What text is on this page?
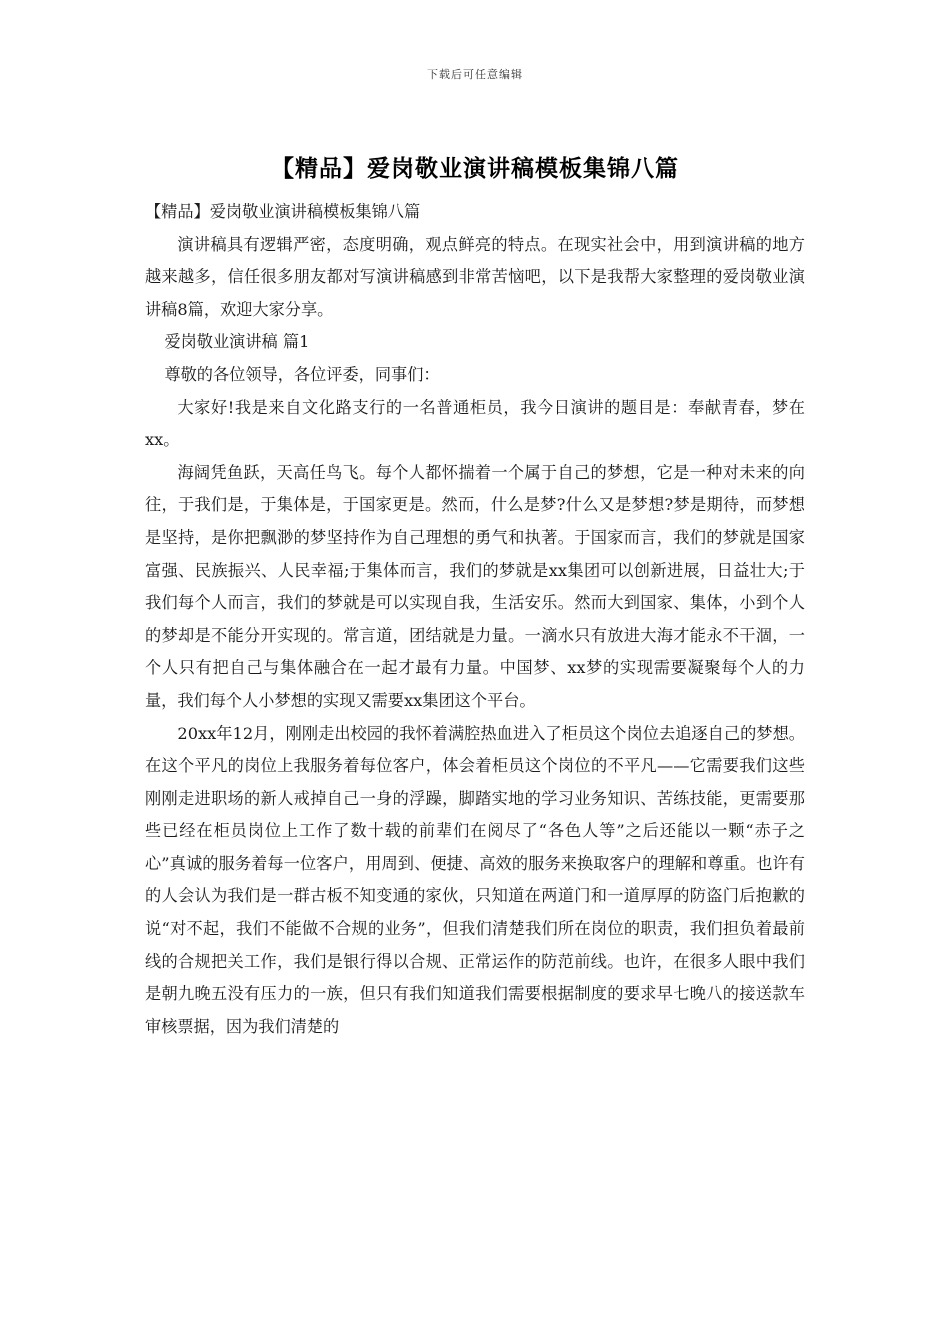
下载后可任意编辑
【精品】爱岗敬业演讲稿模板集锦八篇

【精品】爱岗敬业演讲稿模板集锦八篇

演讲稿具有逻辑严密，态度明确，观点鲜亮的特点。在现实社会中，用到演讲稿的地方越来越多，信任很多朋友都对写演讲稿感到非常苦恼吧，以下是我帮大家整理的爱岗敬业演讲稿8篇，欢迎大家分享。

爱岗敬业演讲稿 篇1

尊敬的各位领导，各位评委，同事们：

大家好!我是来自文化路支行的一名普通柜员，我今日演讲的题目是：奉献青春，梦在xx。

海阔凭鱼跃，天高任鸟飞。每个人都怀揣着一个属于自己的梦想，它是一种对未来的向往，于我们是，于集体是，于国家更是。然而，什么是梦?什么又是梦想?梦是期待，而梦想是坚持，是你把飘渺的梦坚持作为自己理想的勇气和执著。于国家而言，我们的梦就是国家富强、民族振兴、人民幸福;于集体而言，我们的梦就是xx集团可以创新进展，日益壮大;于我们每个人而言，我们的梦就是可以实现自我，生活安乐。然而大到国家、集体，小到个人的梦却是不能分开实现的。常言道，团结就是力量。一滴水只有放进大海才能永不干涸，一个人只有把自己与集体融合在一起才最有力量。中国梦、xx梦的实现需要凝聚每个人的力量，我们每个人小梦想的实现又需要xx集团这个平台。

20xx年12月，刚刚走出校园的我怀着满腔热血进入了柜员这个岗位去追逐自己的梦想。在这个平凡的岗位上我服务着每位客户，体会着柜员这个岗位的不平凡——它需要我们这些刚刚走进职场的新人戒掉自己一身的浮躁，脚踏实地的学习业务知识、苦练技能，更需要那些已经在柜员岗位上工作了数十载的前辈们在阅尽了“各色人等”之后还能以一颗“赤子之心”真诚的服务着每一位客户，用周到、便捷、高效的服务来换取客户的理解和尊重。也许有的人会认为我们是一群古板不知变通的家伙，只知道在两道门和一道厚厚的防盗门后抱歉的说“对不起，我们不能做不合规的业务”，但我们清楚我们所在岗位的职责，我们担负着最前线的合规把关工作，我们是银行得以合规、正常运作的防范前线。也许，在很多人眼中我们是朝九晚五没有压力的一族，但只有我们知道我们需要根据制度的要求早七晚八的接送款车审核票据，因为我们清楚的
